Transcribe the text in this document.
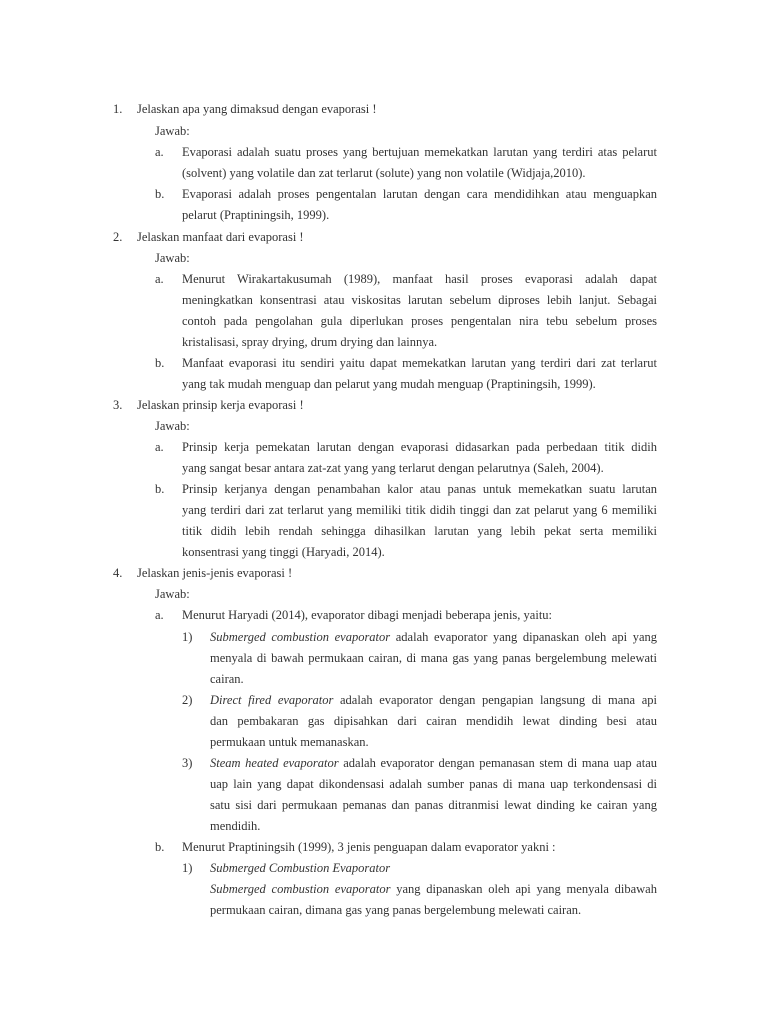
1. Jelaskan apa yang dimaksud dengan evaporasi !
Jawab:
a. Evaporasi adalah suatu proses yang bertujuan memekatkan larutan yang terdiri atas pelarut
(solvent) yang volatile dan zat terlarut (solute) yang non volatile (Widjaja,2010).
b. Evaporasi adalah proses pengentalan larutan dengan cara mendidihkan atau menguapkan
pelarut (Praptiningsih, 1999).
2. Jelaskan manfaat dari evaporasi !
Jawab:
a. Menurut Wirakartakusumah (1989), manfaat hasil proses evaporasi adalah dapat
meningkatkan konsentrasi atau viskositas larutan sebelum diproses lebih lanjut. Sebagai
contoh pada pengolahan gula diperlukan proses pengentalan nira tebu sebelum proses
kristalisasi, spray drying, drum drying dan lainnya.
b. Manfaat evaporasi itu sendiri yaitu dapat memekatkan larutan yang terdiri dari zat terlarut
yang tak mudah menguap dan pelarut yang mudah menguap (Praptiningsih, 1999).
3. Jelaskan prinsip kerja evaporasi !
Jawab:
a. Prinsip kerja pemekatan larutan dengan evaporasi didasarkan pada perbedaan titik didih
yang sangat besar antara zat-zat yang yang terlarut dengan pelarutnya (Saleh, 2004).
b. Prinsip kerjanya dengan penambahan kalor atau panas untuk memekatkan suatu larutan
yang terdiri dari zat terlarut yang memiliki titik didih tinggi dan zat pelarut yang 6 memiliki
titik didih lebih rendah sehingga dihasilkan larutan yang lebih pekat serta memiliki
konsentrasi yang tinggi (Haryadi, 2014).
4. Jelaskan jenis-jenis evaporasi !
Jawab:
a. Menurut Haryadi (2014), evaporator dibagi menjadi beberapa jenis, yaitu:
1) Submerged combustion evaporator adalah evaporator yang dipanaskan oleh api yang
menyala di bawah permukaan cairan, di mana gas yang panas bergelembung melewati
cairan.
2) Direct fired evaporator adalah evaporator dengan pengapian langsung di mana api
dan pembakaran gas dipisahkan dari cairan mendidih lewat dinding besi atau
permukaan untuk memanaskan.
3) Steam heated evaporator adalah evaporator dengan pemanasan stem di mana uap atau
uap lain yang dapat dikondensasi adalah sumber panas di mana uap terkondensasi di
satu sisi dari permukaan pemanas dan panas ditranmisi lewat dinding ke cairan yang
mendidih.
b. Menurut Praptiningsih (1999), 3 jenis penguapan dalam evaporator yakni :
1) Submerged Combustion Evaporator
Submerged combustion evaporator yang dipanaskan oleh api yang menyala dibawah
permukaan cairan, dimana gas yang panas bergelembung melewati cairan.
